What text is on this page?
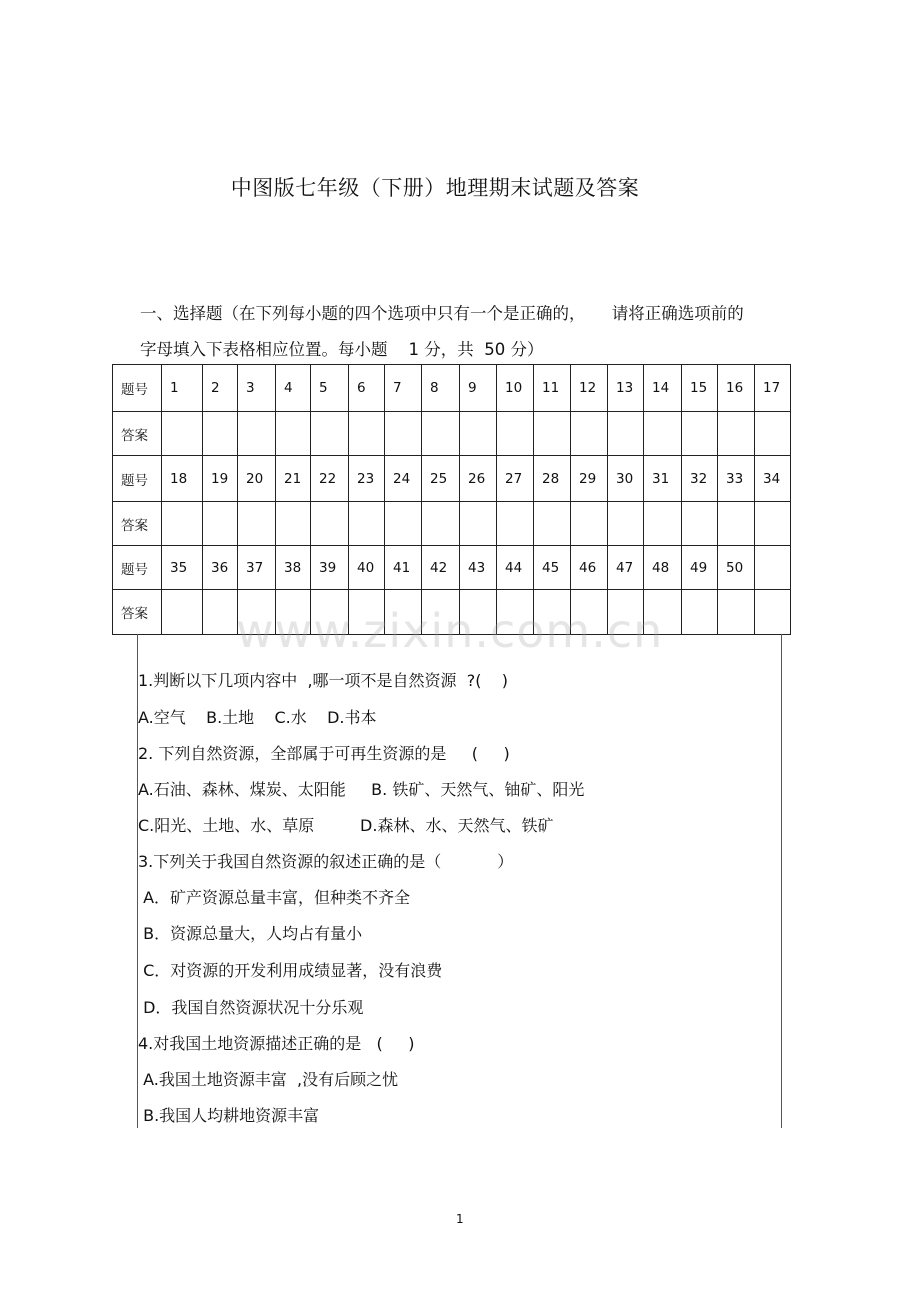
中图版七年级（下册）地理期末试题及答案
一、选择题（在下列每小题的四个选项中只有一个是正确的，     请将正确选项前的
字母填入下表格相应位置。每小题    1 分，共  50 分）
题号	1	2	3	4	5	6	7	8	9	10	11	12	13	14	15	16	17
答案																	
题号	18	19	20	21	22	23	24	25	26	27	28	29	30	31	32	33	34
答案																	
题号	35	36	37	38	39	40	41	42	43	44	45	46	47	48	49	50	
答案																	www.zixin.com.cn
1.判断以下几项内容中  ,哪一项不是自然资源  ?(    )
A.空气    B.土地    C.水    D.书本
2. 下列自然资源，全部属于可再生资源的是     (     )
A.石油、森林、煤炭、太阳能     B. 铁矿、天然气、铀矿、阳光
C.阳光、土地、水、草原         D.森林、水、天然气、铁矿
3.下列关于我国自然资源的叙述正确的是（           ）
A．矿产资源总量丰富，但种类不齐全
B．资源总量大，人均占有量小
C．对资源的开发利用成绩显著，没有浪费
D．我国自然资源状况十分乐观
4.对我国土地资源描述正确的是   (     )
A.我国土地资源丰富  ,没有后顾之忧
B.我国人均耕地资源丰富
1
